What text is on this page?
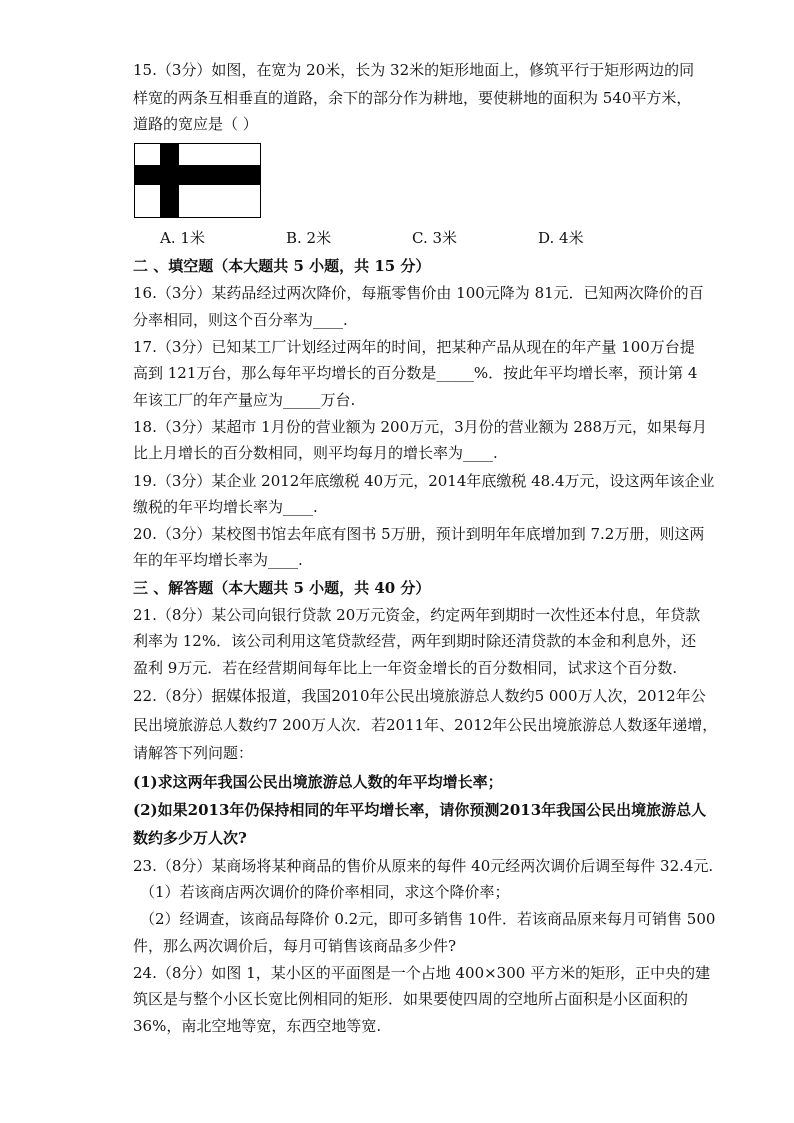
15.（3分）如图，在宽为 20米，长为 32米的矩形地面上，修筑平行于矩形两边的同
样宽的两条互相垂直的道路，余下的部分作为耕地，要使耕地的面积为 540平方米，
道路的宽应是（ ）
A. 1米	B. 2米	C. 3米	D. 4米
二 、填空题（本大题共 5 小题，共 15 分）
16.（3分）某药品经过两次降价，每瓶零售价由 100元降为 81元．已知两次降价的百
分率相同，则这个百分率为____.
17.（3分）已知某工厂计划经过两年的时间，把某种产品从现在的年产量 100万台提
高到 121万台，那么每年平均增长的百分数是_____%．按此年平均增长率，预计第 4
年该工厂的年产量应为_____万台.
18.（3分）某超市 1月份的营业额为 200万元，3月份的营业额为 288万元，如果每月
比上月增长的百分数相同，则平均每月的增长率为____.
19.（3分）某企业 2012年底缴税 40万元，2014年底缴税 48.4万元，设这两年该企业
缴税的年平均增长率为____.
20.（3分）某校图书馆去年底有图书 5万册，预计到明年年底增加到 7.2万册，则这两
年的年平均增长率为____.
三 、解答题（本大题共 5 小题，共 40 分）
21.（8分）某公司向银行贷款 20万元资金，约定两年到期时一次性还本付息，年贷款
利率为 12%．该公司利用这笔贷款经营，两年到期时除还清贷款的本金和利息外，还
盈利 9万元．若在经营期间每年比上一年资金增长的百分数相同，试求这个百分数.
22.（8分）据媒体报道，我国2010年公民出境旅游总人数约5 000万人次，2012年公
民出境旅游总人数约7 200万人次．若2011年、2012年公民出境旅游总人数逐年递增，
请解答下列问题：
(1)求这两年我国公民出境旅游总人数的年平均增长率；
(2)如果2013年仍保持相同的年平均增长率，请你预测2013年我国公民出境旅游总人
数约多少万人次?
23.（8分）某商场将某种商品的售价从原来的每件 40元经两次调价后调至每件 32.4元.
（1）若该商店两次调价的降价率相同，求这个降价率；
（2）经调查，该商品每降价 0.2元，即可多销售 10件．若该商品原来每月可销售 500
件，那么两次调价后，每月可销售该商品多少件?
24.（8分）如图 1，某小区的平面图是一个占地 400×300 平方米的矩形，正中央的建
筑区是与整个小区长宽比例相同的矩形．如果要使四周的空地所占面积是小区面积的
36%，南北空地等宽，东西空地等宽.
